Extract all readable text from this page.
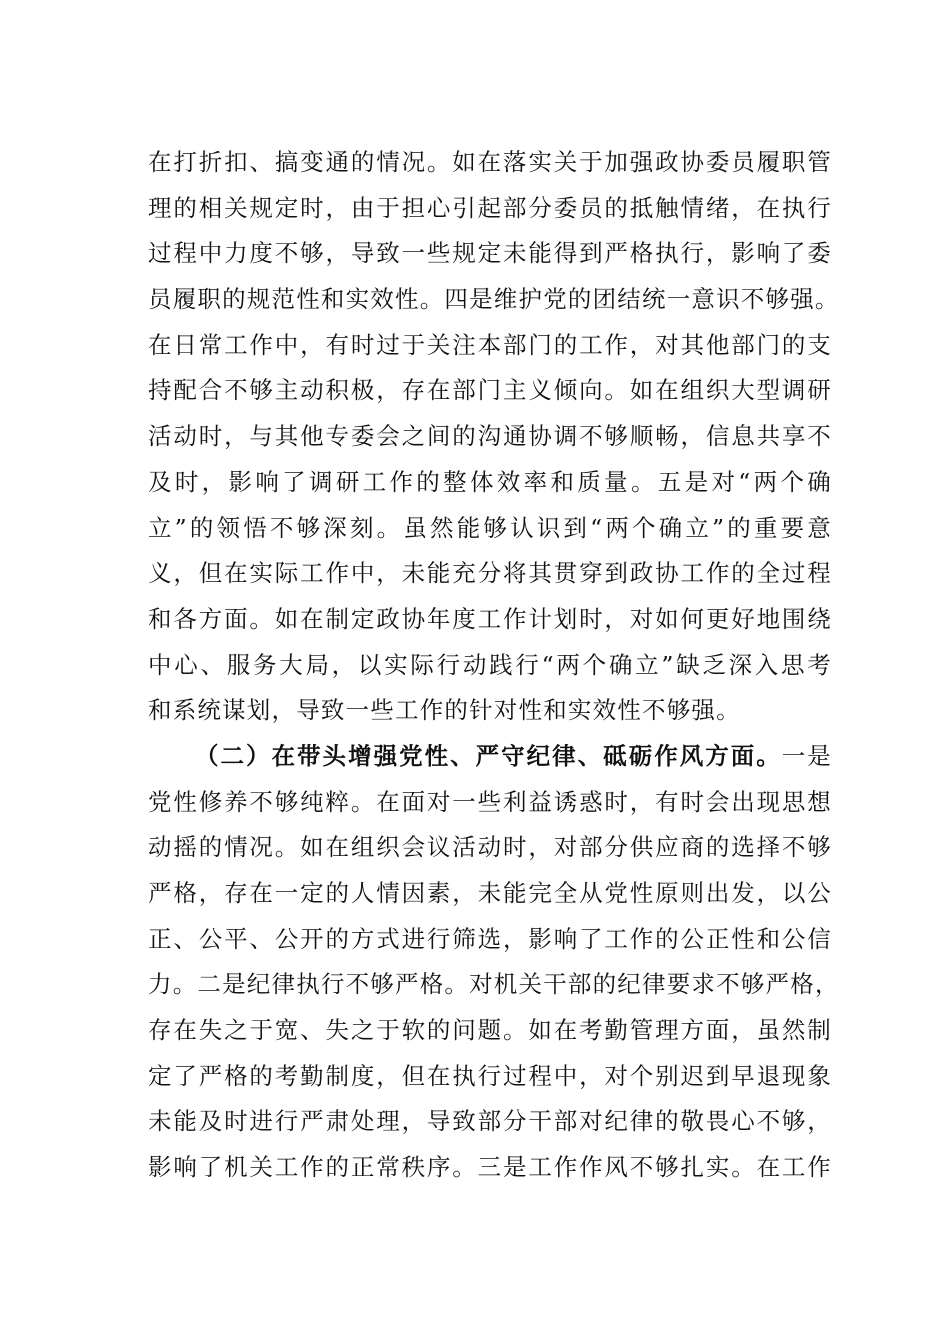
在打折扣、搞变通的情况。如在落实关于加强政协委员履职管
理的相关规定时，由于担心引起部分委员的抵触情绪，在执行
过程中力度不够，导致一些规定未能得到严格执行，影响了委
员履职的规范性和实效性。四是维护党的团结统一意识不够强。
在日常工作中，有时过于关注本部门的工作，对其他部门的支
持配合不够主动积极，存在部门主义倾向。如在组织大型调研
活动时，与其他专委会之间的沟通协调不够顺畅，信息共享不
及时，影响了调研工作的整体效率和质量。五是对“两个确
立”的领悟不够深刻。虽然能够认识到“两个确立”的重要意
义，但在实际工作中，未能充分将其贯穿到政协工作的全过程
和各方面。如在制定政协年度工作计划时，对如何更好地围绕
中心、服务大局，以实际行动践行“两个确立”缺乏深入思考
和系统谋划，导致一些工作的针对性和实效性不够强。
（二）在带头增强党性、严守纪律、砥砺作风方面。一是
党性修养不够纯粹。在面对一些利益诱惑时，有时会出现思想
动摇的情况。如在组织会议活动时，对部分供应商的选择不够
严格，存在一定的人情因素，未能完全从党性原则出发，以公
正、公平、公开的方式进行筛选，影响了工作的公正性和公信
力。二是纪律执行不够严格。对机关干部的纪律要求不够严格，
存在失之于宽、失之于软的问题。如在考勤管理方面，虽然制
定了严格的考勤制度，但在执行过程中，对个别迟到早退现象
未能及时进行严肃处理，导致部分干部对纪律的敬畏心不够，
影响了机关工作的正常秩序。三是工作作风不够扎实。在工作
